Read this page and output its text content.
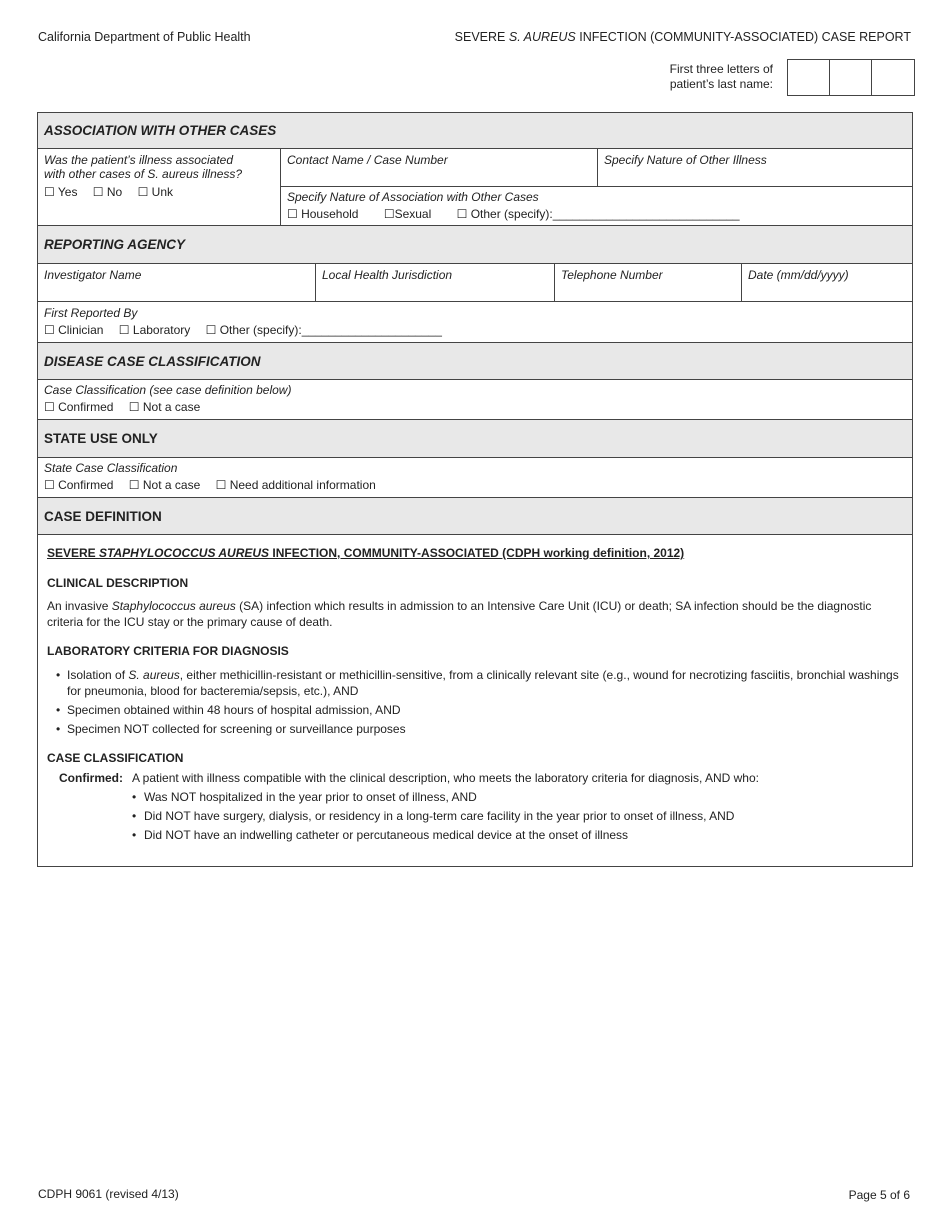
California Department of Public Health	SEVERE S. AUREUS INFECTION (COMMUNITY-ASSOCIATED) CASE REPORT
First three letters of
patient’s last name:
ASSOCIATION WITH OTHER CASES
Was the patient’s illness associated
with other cases of S. aureus illness?
☐ Yes ☐ No ☐ Unk
Contact Name / Case Number	Specify Nature of Other Illness
Specify Nature of Association with Other Cases
☐ Household ☐Sexual ☐ Other (specify):____________________________
REPORTING AGENCY
Investigator Name	Local Health Jurisdiction	Telephone Number	Date (mm/dd/yyyy)
First Reported By
☐ Clinician ☐ Laboratory ☐ Other (specify):_____________________
DISEASE CASE CLASSIFICATION
Case Classification (see case definition below)
☐ Confirmed ☐ Not a case
STATE USE ONLY
State Case Classification
☐ Confirmed ☐ Not a case ☐ Need additional information
CASE DEFINITION
SEVERE STAPHYLOCOCCUS AUREUS INFECTION, COMMUNITY-ASSOCIATED (CDPH working definition, 2012)
CLINICAL DESCRIPTION

An invasive Staphylococcus aureus (SA) infection which results in admission to an Intensive Care Unit (ICU) or death; SA infection should be the diagnostic criteria for the ICU stay or the primary cause of death.

LABORATORY CRITERIA FOR DIAGNOSIS
• Isolation of S. aureus, either methicillin-resistant or methicillin-sensitive, from a clinically relevant site (e.g., wound for necrotizing fasciitis, bronchial washings for pneumonia, blood for bacteremia/sepsis, etc.), AND
• Specimen obtained within 48 hours of hospital admission, AND
• Specimen NOT collected for screening or surveillance purposes
CASE CLASSIFICATION
Confirmed: A patient with illness compatible with the clinical description, who meets the laboratory criteria for diagnosis, AND who:
• Was NOT hospitalized in the year prior to onset of illness, AND
• Did NOT have surgery, dialysis, or residency in a long-term care facility in the year prior to onset of illness, AND
• Did NOT have an indwelling catheter or percutaneous medical device at the onset of illness
CDPH 9061 (revised 4/13)	Page 5 of 6
